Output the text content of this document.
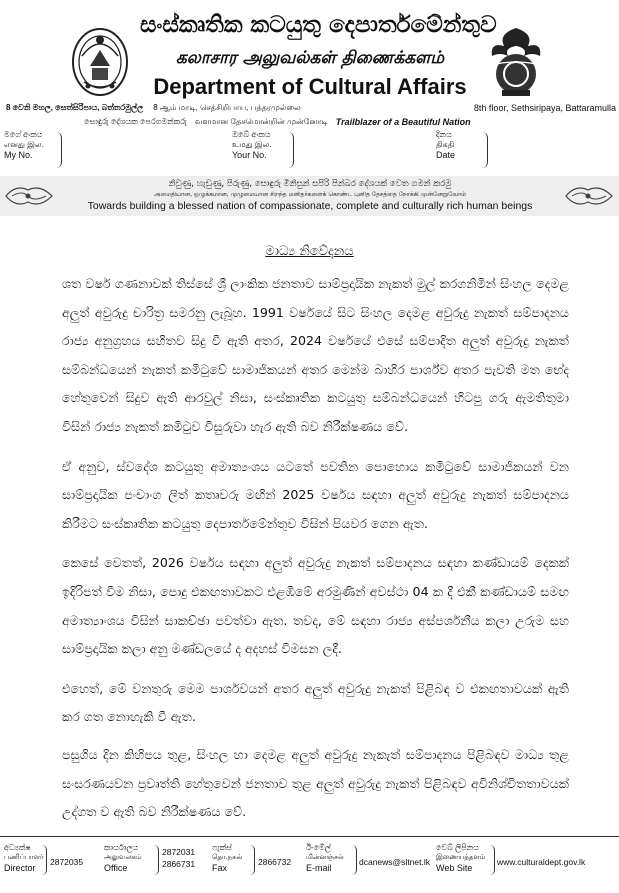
සංස්කෘතික කටයුතු දෙපාර්තමේන්තුව
கலாசார அலுவல்கள் திணைக்களம்
Department of Cultural Affairs
8 වෙනි මහල, සෙත්සිරිපාය, බත්තරමුල්ල 8 ஆம் மாடி, செத்சிறிபாய, பத்தரமுல்லை	8th floor, Sethsiripaya, Battaramulla
සොඳුරු දේශයක පෙරගමන්කරු வளமான தேசமொன்றின் முன்னோடி Trailblazer of a Beautiful Nation
මගේ අංකය
எனது இல.
My No.
ඔබේ අංකය
உமது இல.
Your No.
දිනය
திகதி
Date
නිවුණු, හැඩුණු, පිරුණු, සොඳුරු මිනිසුන් සපිරි පින්බර දේශයක් වෙත ගමන් කරමු
அமைதியான, ஒழுக்கமான, முழுமையான சிறந்த மனிதர்களைக் கொண்ட புனித தேசத்தை நோக்கி முன்னேறுவோம்
Towards building a blessed nation of compassionate, complete and culturally rich human beings
මාධ්‍ය නිවේදනය

ශත වර්ෂ ගණනාවක් තිස්සේ ශ්‍රී ලාංකික ජනතාව සාම්ප්‍රදායික නැකත් මුල් කරගනිමින් සිංහල දෙමළ අලුත් අවුරුදු චාරිත්‍ර සමරනු ලැබූහ. 1991 වර්ෂයේ සිට සිංහල දෙමළ අවුරුදු නැකත් සම්පාදනය රාජ්‍ය අනුග්‍රහය සහිතව සිදු වී ඇති අතර, 2024 වර්ෂයේ එසේ සම්පාදිත අලුත් අවුරුදු නැකත් සම්බන්ධයෙන් නැකත් කමිටුවේ සාමාජිකයන් අතර මෙන්ම බාහිර පාර්ශ්ව අතර පැවති මත භේද හේතුවෙන් සිදුව ඇති ආරවුල් නිසා, සංස්කෘතික කටයුතු සම්බන්ධයෙන් හිටපු ගරු ඇමතිතුමා විසින් රාජ්‍ය නැකත් කමිටුව විසුරුවා හැර ඇති බව නිරීක්ෂණය වේ.

ඒ අනුව, ස්වදේශ කටයුතු අමාත්‍යංශය යටතේ පවතින පොහොය කමිටුවේ සාමාජිකයන් වන සාම්ප්‍රදායික පංචාංග ලිත් කතෘවරු මඟින් 2025 වර්ෂය සඳහා අලුත් අවුරුදු නැකත් සම්පාදනය කිරීමට සංස්කෘතික කටයුතු දෙපාර්තමේන්තුව විසින් පියවර ගෙන ඇත.

කෙසේ වෙතත්, 2026 වර්ෂය සඳහා අලුත් අවුරුදු නැකත් සම්පාදනය සඳහා කණ්ඩායම් දෙකක් ඉදිරිපත් වීම නිසා, පොදු එකඟතාවකට එළඹීමේ අරමුණින් අවස්ථා 04 ක දී එකී කණ්ඩායම් සමඟ අමාත්‍යාංශය විසින් සාකච්ඡා පවත්වා ඇත. තවද, මේ සඳහා රාජ්‍ය අස්පර්ශනීය කලා උරුම සහ සාම්ප්‍රදායික කලා අනු මණ්ඩලයේ ද අදහස් විමසන ලදී.

එහෙත්, මේ වනතුරු මෙම පාර්ශවයන් අතර අලුත් අවුරුදු නැකත් පිළිබඳ ව එකඟතාවයක් ඇති කර ගත නොහැකි වී ඇත.

පසුගිය දින කිහිපය තුළ, සිංහල හා දෙමළ අලුත් අවුරුදු නැකැත් සම්පාදනය පිළිබඳව මාධ්‍ය තුළ සංසරණයවන ප්‍රවෘත්ති හේතුවෙන් ජනතාව තුළ අලුත් අවුරුදු නැකත් පිළිබඳව අවිනිශ්චිතතාවයක් උද්ගත ව ඇති බව නිරීක්ෂණය වේ.

අධ්‍යක්ෂ
பணிப்பாளர்
Director
2872035
කාර්යාලය
அலுவலகம்
Office
2872031
2866731
ෆැක්ස්
தொ.நகல்
Fax
2866732
ඊ-මේල්
மின்னஞ்சல்
E-mail
dcanews@sltnet.lk
වෙබ් ලිපිනය
இணையத்தளம்
Web Site
www.culturaldept.gov.lk
